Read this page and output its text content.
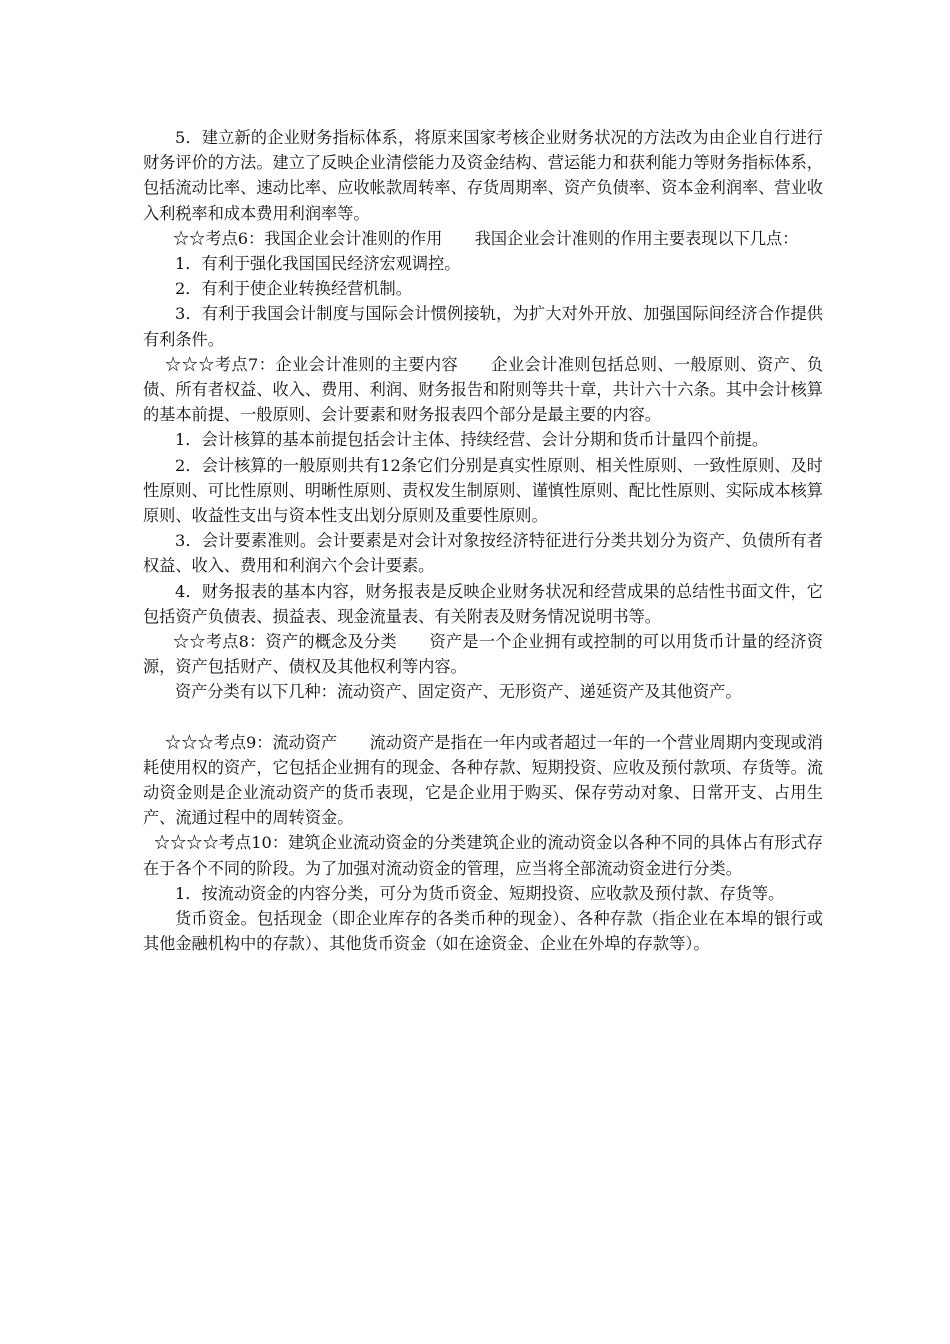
5．建立新的企业财务指标体系，将原来国家考核企业财务状况的方法改为由企业自行进行财务评价的方法。建立了反映企业清偿能力及资金结构、营运能力和获利能力等财务指标体系，包括流动比率、速动比率、应收帐款周转率、存货周期率、资产负债率、资本金利润率、营业收入利税率和成本费用利润率等。

☆☆考点6：我国企业会计准则的作用　　我国企业会计准则的作用主要表现以下几点：

1．有利于强化我国国民经济宏观调控。

2．有利于使企业转换经营机制。

3．有利于我国会计制度与国际会计惯例接轨，为扩大对外开放、加强国际间经济合作提供有利条件。

☆☆☆考点7：企业会计准则的主要内容　　企业会计准则包括总则、一般原则、资产、负债、所有者权益、收入、费用、利润、财务报告和附则等共十章，共计六十六条。其中会计核算的基本前提、一般原则、会计要素和财务报表四个部分是最主要的内容。

1．会计核算的基本前提包括会计主体、持续经营、会计分期和货币计量四个前提。

2．会计核算的一般原则共有12条它们分别是真实性原则、相关性原则、一致性原则、及时性原则、可比性原则、明晰性原则、责权发生制原则、谨慎性原则、配比性原则、实际成本核算原则、收益性支出与资本性支出划分原则及重要性原则。

3．会计要素准则。会计要素是对会计对象按经济特征进行分类共划分为资产、负债所有者权益、收入、费用和利润六个会计要素。

4．财务报表的基本内容，财务报表是反映企业财务状况和经营成果的总结性书面文件，它包括资产负债表、损益表、现金流量表、有关附表及财务情况说明书等。

☆☆考点8：资产的概念及分类　　资产是一个企业拥有或控制的可以用货币计量的经济资源，资产包括财产、债权及其他权利等内容。

资产分类有以下几种：流动资产、固定资产、无形资产、递延资产及其他资产。

☆☆☆考点9：流动资产　　流动资产是指在一年内或者超过一年的一个营业周期内变现或消耗使用权的资产，它包括企业拥有的现金、各种存款、短期投资、应收及预付款项、存货等。流动资金则是企业流动资产的货币表现，它是企业用于购买、保存劳动对象、日常开支、占用生产、流通过程中的周转资金。

☆☆☆☆考点10：建筑企业流动资金的分类建筑企业的流动资金以各种不同的具体占有形式存在于各个不同的阶段。为了加强对流动资金的管理，应当将全部流动资金进行分类。

1．按流动资金的内容分类，可分为货币资金、短期投资、应收款及预付款、存货等。

货币资金。包括现金（即企业库存的各类币种的现金）、各种存款（指企业在本埠的银行或其他金融机构中的存款）、其他货币资金（如在途资金、企业在外埠的存款等）。
